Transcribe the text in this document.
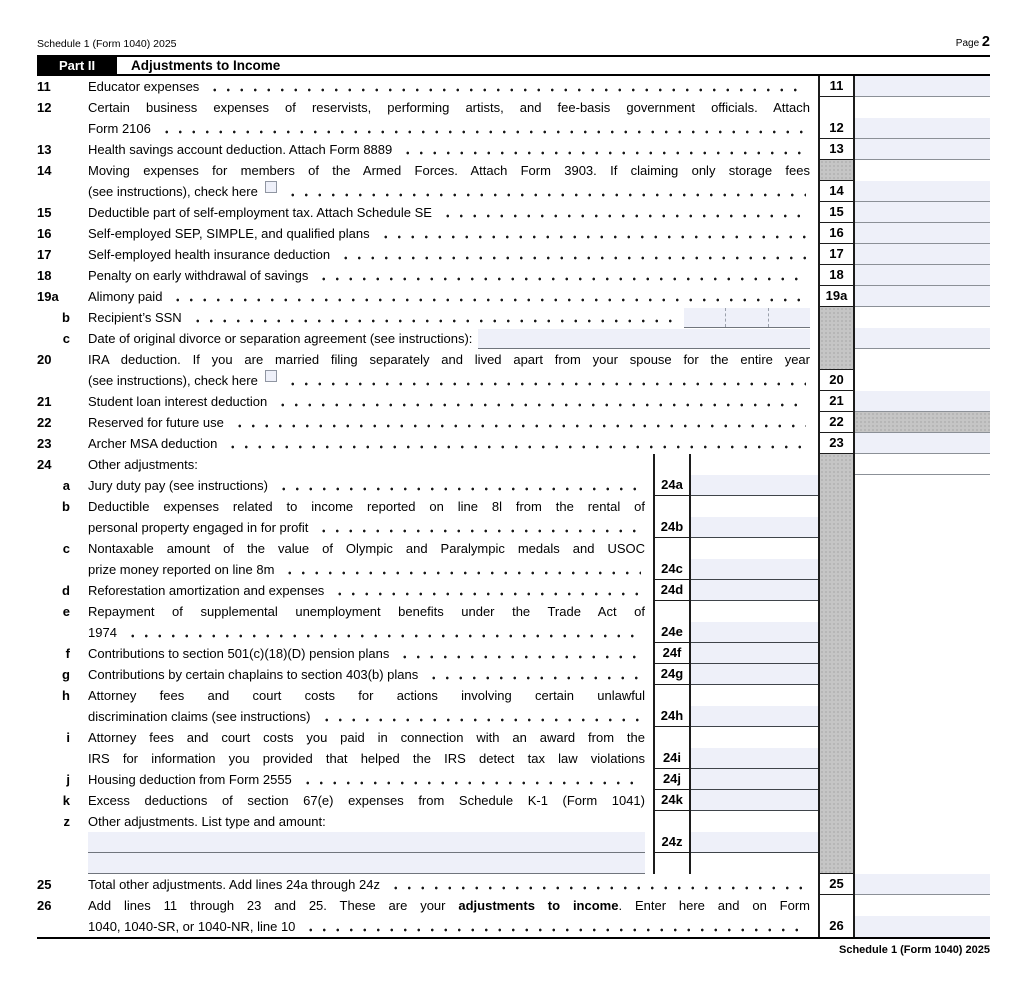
Schedule 1 (Form 1040) 2025	Page 2
Part II	Adjustments to Income
11	Educator expenses	11
12	Certain business expenses of reservists, performing artists, and fee-basis government officials. Attach
Form 2106	12
13	Health savings account deduction. Attach Form 8889	13
14	Moving expenses for members of the Armed Forces. Attach Form 3903. If claiming only storage fees
(see instructions), check here	14
15	Deductible part of self-employment tax. Attach Schedule SE	15
16	Self-employed SEP, SIMPLE, and qualified plans	16
17	Self-employed health insurance deduction	17
18	Penalty on early withdrawal of savings	18
19a	Alimony paid	19a
b	Recipient’s SSN
c	Date of original divorce or separation agreement (see instructions):
20	IRA deduction. If you are married filing separately and lived apart from your spouse for the entire year
(see instructions), check here	20
21	Student loan interest deduction	21
22	Reserved for future use	22
23	Archer MSA deduction	23
24	Other adjustments:
a	Jury duty pay (see instructions)	24a
b	Deductible expenses related to income reported on line 8l from the rental of
personal property engaged in for profit	24b
c	Nontaxable amount of the value of Olympic and Paralympic medals and USOC
prize money reported on line 8m	24c
d	Reforestation amortization and expenses	24d
e	Repayment of supplemental unemployment benefits under the Trade Act of
1974	24e
f	Contributions to section 501(c)(18)(D) pension plans	24f
g	Contributions by certain chaplains to section 403(b) plans	24g
h	Attorney fees and court costs for actions involving certain unlawful
discrimination claims (see instructions)	24h
i	Attorney fees and court costs you paid in connection with an award from the
IRS for information you provided that helped the IRS detect tax law violations	24i
j	Housing deduction from Form 2555	24j
k	Excess deductions of section 67(e) expenses from Schedule K-1 (Form 1041)	24k
z	Other adjustments. List type and amount:
24z
25	Total other adjustments. Add lines 24a through 24z	25
26	Add lines 11 through 23 and 25. These are your adjustments to income. Enter here and on Form
1040, 1040-SR, or 1040-NR, line 10	26
Schedule 1 (Form 1040) 2025
